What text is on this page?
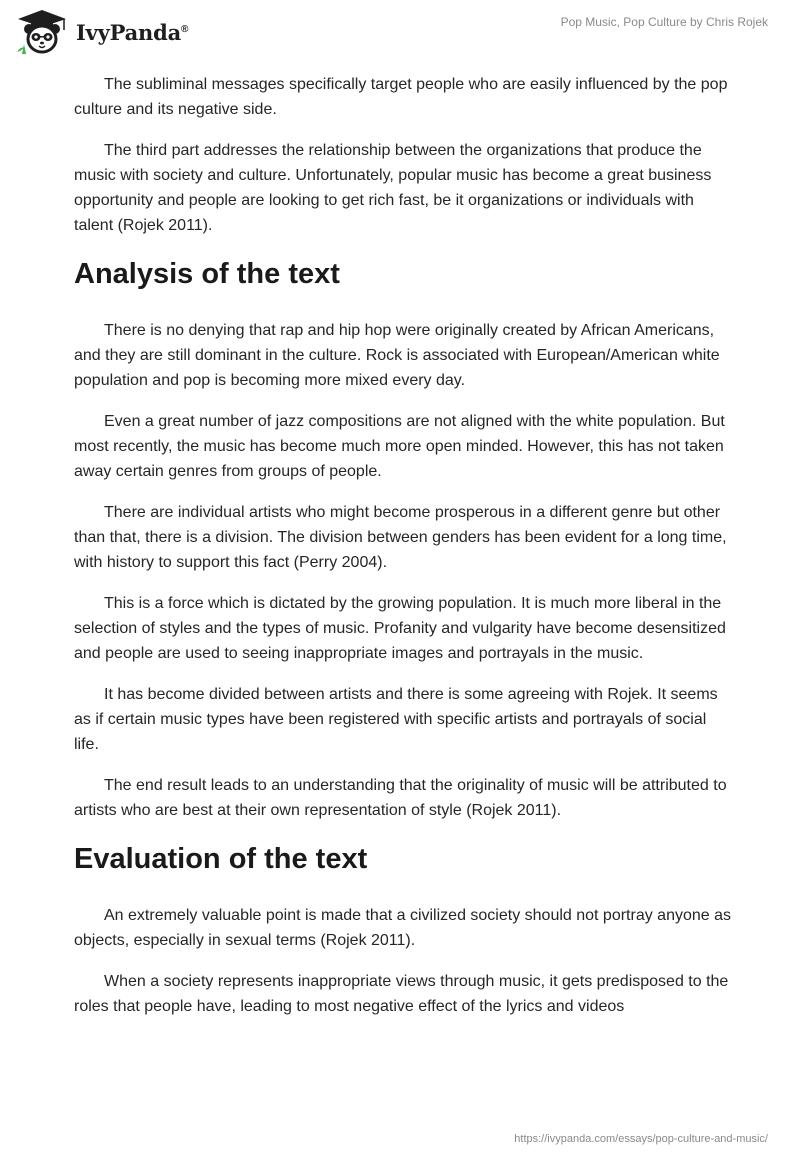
IvyPanda®	Pop Music, Pop Culture by Chris Rojek

The subliminal messages specifically target people who are easily influenced by the pop culture and its negative side.

The third part addresses the relationship between the organizations that produce the music with society and culture. Unfortunately, popular music has become a great business opportunity and people are looking to get rich fast, be it organizations or individuals with talent (Rojek 2011).

Analysis of the text

There is no denying that rap and hip hop were originally created by African Americans, and they are still dominant in the culture. Rock is associated with European/American white population and pop is becoming more mixed every day.

Even a great number of jazz compositions are not aligned with the white population. But most recently, the music has become much more open minded. However, this has not taken away certain genres from groups of people.

There are individual artists who might become prosperous in a different genre but other than that, there is a division. The division between genders has been evident for a long time, with history to support this fact (Perry 2004).

This is a force which is dictated by the growing population. It is much more liberal in the selection of styles and the types of music. Profanity and vulgarity have become desensitized and people are used to seeing inappropriate images and portrayals in the music.

It has become divided between artists and there is some agreeing with Rojek. It seems as if certain music types have been registered with specific artists and portrayals of social life.

The end result leads to an understanding that the originality of music will be attributed to artists who are best at their own representation of style (Rojek 2011).

Evaluation of the text

An extremely valuable point is made that a civilized society should not portray anyone as objects, especially in sexual terms (Rojek 2011).

When a society represents inappropriate views through music, it gets predisposed to the roles that people have, leading to most negative effect of the lyrics and videos

https://ivypanda.com/essays/pop-culture-and-music/
